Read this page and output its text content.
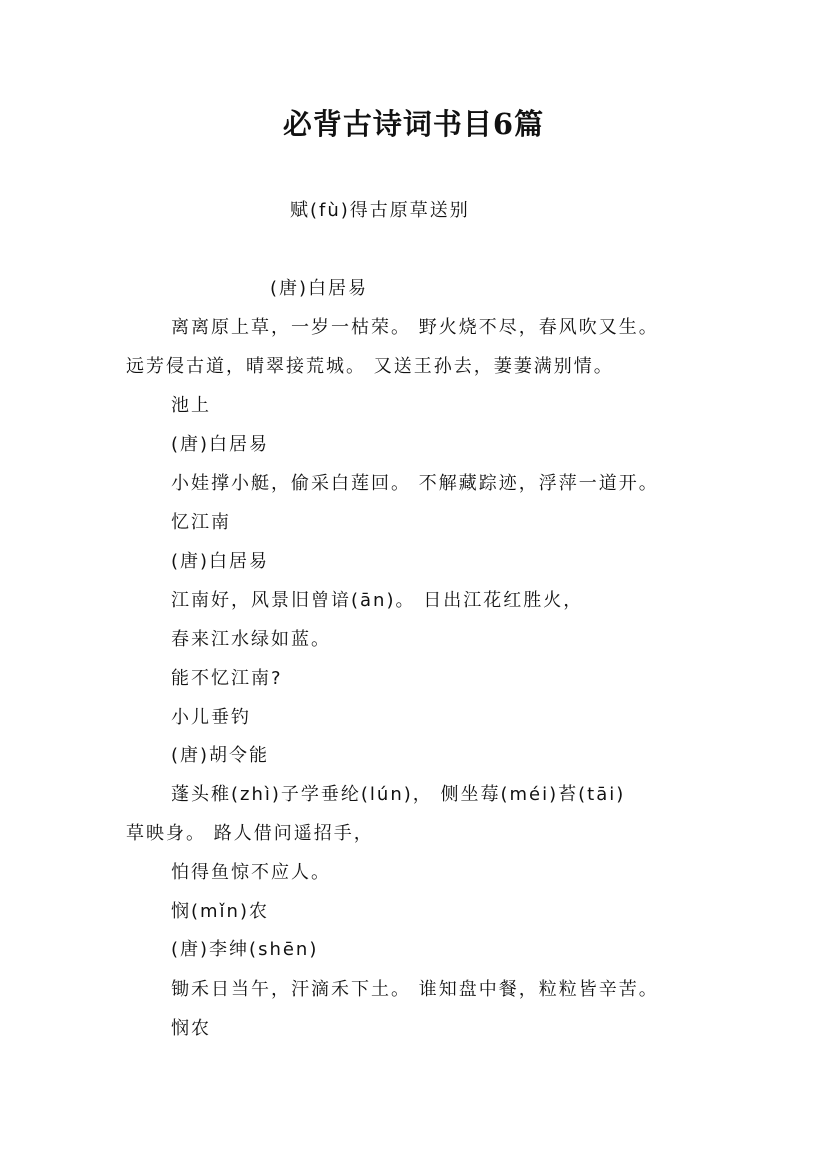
必背古诗词书目6篇
赋(fù)得古原草送别
(唐)白居易
离离原上草，一岁一枯荣。 野火烧不尽，春风吹又生。
远芳侵古道，晴翠接荒城。 又送王孙去，萋萋满别情。
池上
(唐)白居易
小娃撑小艇，偷采白莲回。 不解藏踪迹，浮萍一道开。
忆江南
(唐)白居易
江南好，风景旧曾谙(ān)。 日出江花红胜火，
春来江水绿如蓝。
能不忆江南?
小儿垂钓
(唐)胡令能
蓬头稚(zhì)子学垂纶(lún)， 侧坐莓(méi)苔(tāi)
草映身。 路人借问遥招手，
怕得鱼惊不应人。
悯(mǐn)农
(唐)李绅(shēn)
锄禾日当午，汗滴禾下土。 谁知盘中餐，粒粒皆辛苦。
悯农
